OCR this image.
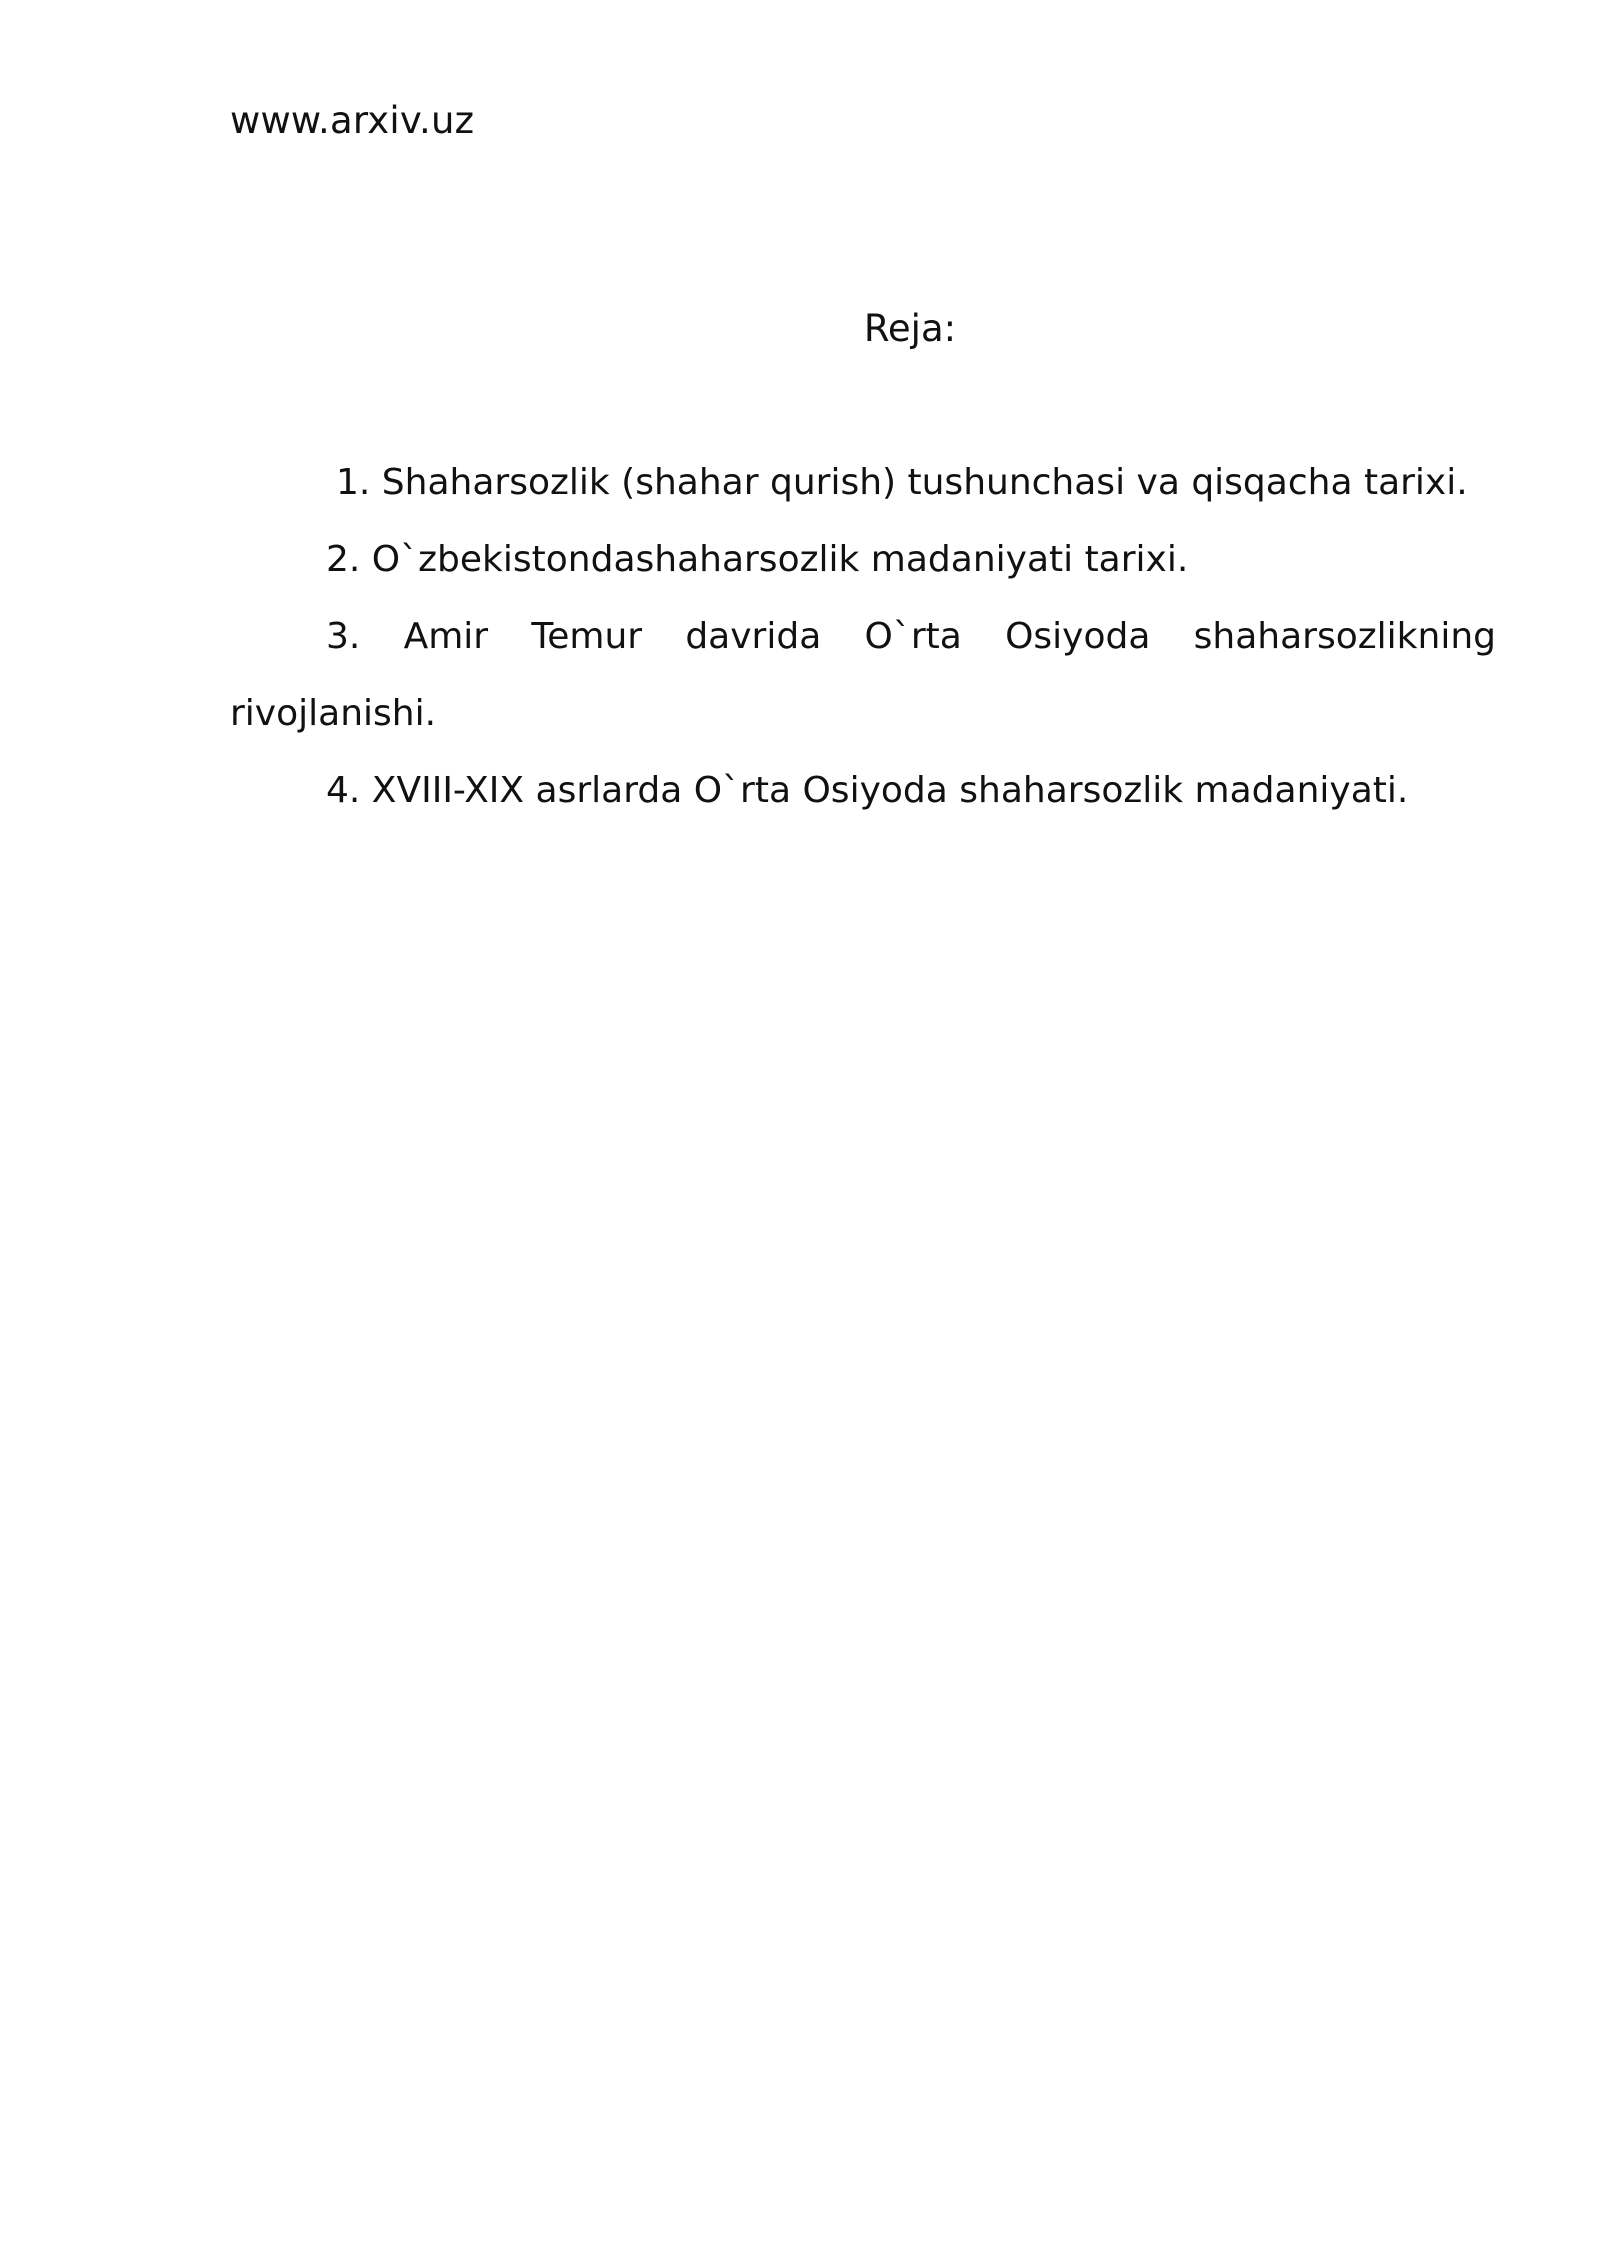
www.arxiv.uz
Reja:

1. Shaharsozlik (shahar qurish) tushunchasi va qisqacha tarixi.

2. O`zbekistondashaharsozlik madaniyati tarixi.

3. Amir Temur davrida O`rta Osiyoda shaharsozlikning rivojlanishi.

4. XVIII-XIX asrlarda O`rta Osiyoda shaharsozlik madaniyati.
